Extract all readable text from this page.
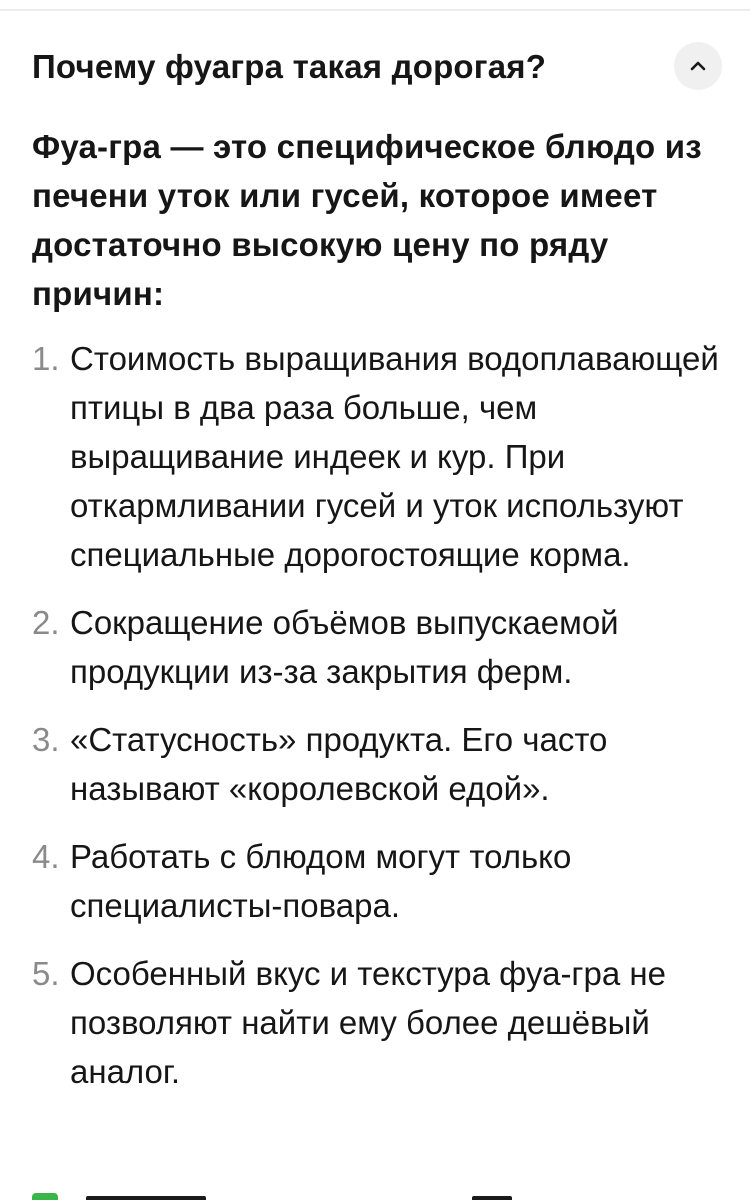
Почему фуагра такая дорогая?

Фуа-гра — это специфическое блюдо из печени уток или гусей, которое имеет достаточно высокую цену по ряду причин:

1. Стоимость выращивания водоплавающей птицы в два раза больше, чем выращивание индеек и кур. При откармливании гусей и уток используют специальные дорогостоящие корма.
2. Сокращение объёмов выпускаемой продукции из-за закрытия ферм.
3. «Статусность» продукта. Его часто называют «королевской едой».
4. Работать с блюдом могут только специалисты-повара.
5. Особенный вкус и текстура фуа-гра не позволяют найти ему более дешёвый аналог.
